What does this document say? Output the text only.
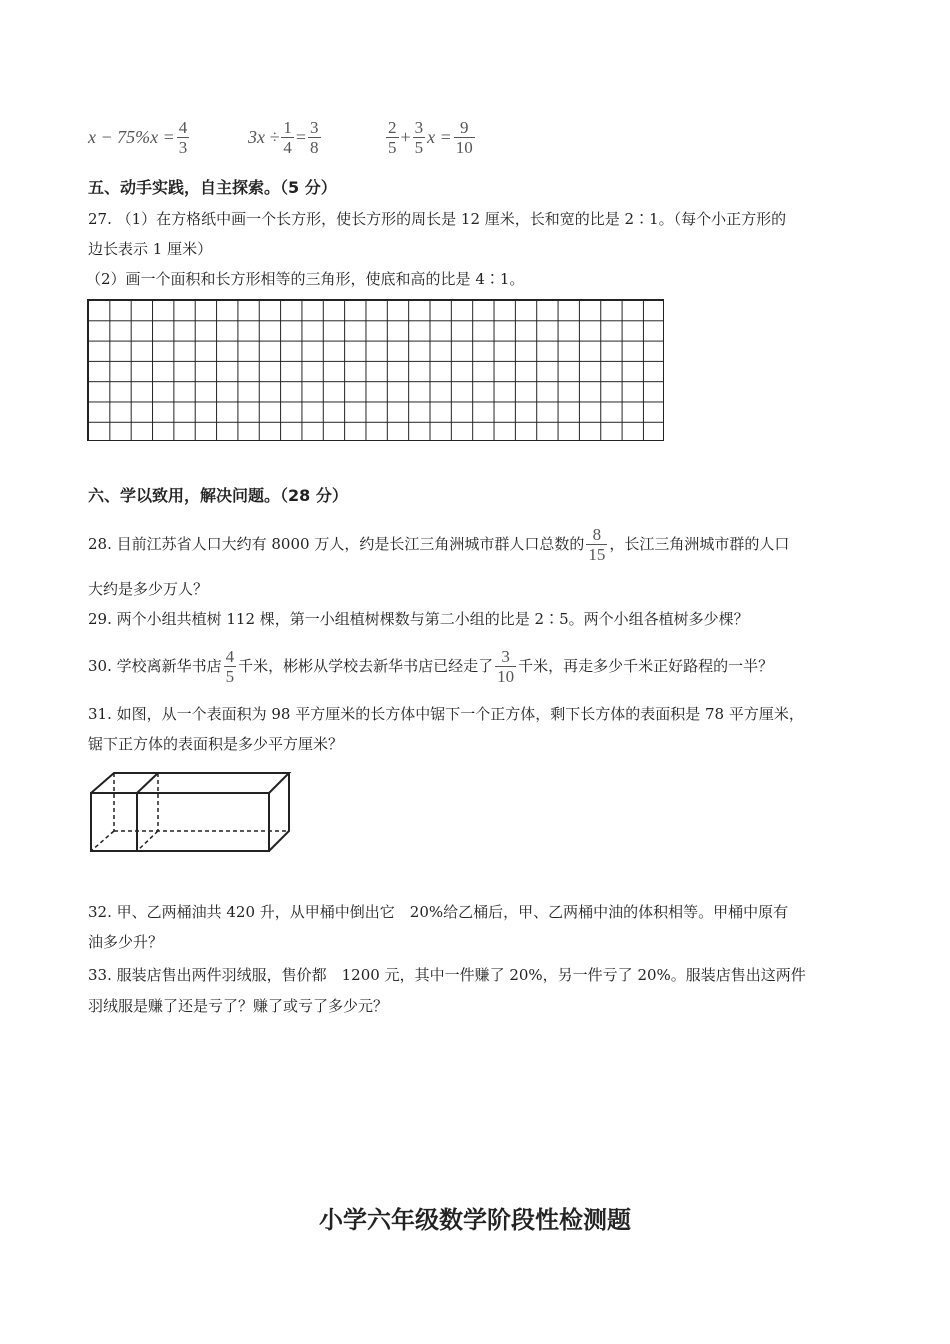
$x - 75\%x = \frac{4}{3}$	$3x \div \frac{1}{4} = \frac{3}{8}$	$\frac{2}{5} + \frac{3}{5}$ $x = \frac{9}{10}$
五、动手实践，自主探索。（5 分）
27. （1）在方格纸中画一个长方形，使长方形的周长是 12 厘米，长和宽的比是 2∶1。（每个小正方形的
边长表示 1 厘米）
（2）画一个面积和长方形相等的三角形，使底和高的比是 4∶1。
六、学以致用，解决问题。（28 分）
28. 目前江苏省人口大约有 8000 万人，约是长江三角洲城市群人口总数的 $\frac{8}{15}$ ，长江三角洲城市群的人口
大约是多少万人？
29. 两个小组共植树 112 棵，第一小组植树棵数与第二小组的比是 2∶5。两个小组各植树多少棵？
30. 学校离新华书店 $\frac{4}{5}$ 千米，彬彬从学校去新华书店已经走了 $\frac{3}{10}$ 千米，再走多少千米正好路程的一半？
31. 如图，从一个表面积为 98 平方厘米的长方体中锯下一个正方体，剩下长方体的表面积是 78 平方厘米，
锯下正方体的表面积是多少平方厘米？
32. 甲、乙两桶油共 420 升，从甲桶中倒出它　20%给乙桶后，甲、乙两桶中油的体积相等。甲桶中原有
油多少升？
33. 服装店售出两件羽绒服，售价都　1200 元，其中一件赚了 20%，另一件亏了 20%。服装店售出这两件
羽绒服是赚了还是亏了？赚了或亏了多少元？
小学六年级数学阶段性检测题
